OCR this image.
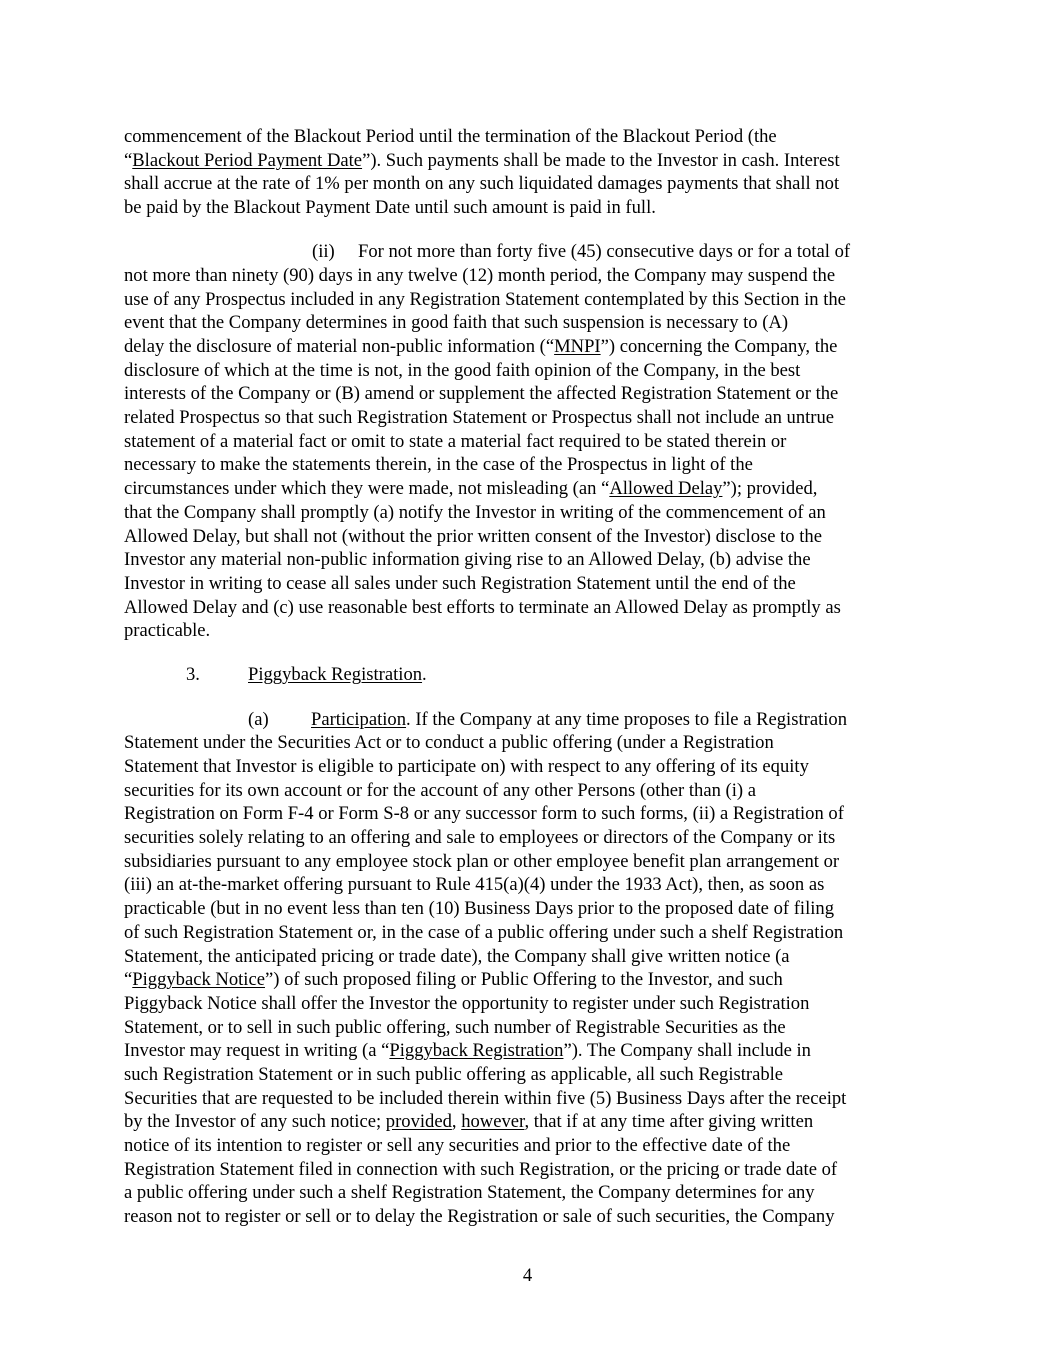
commencement of the Blackout Period until the termination of the Blackout Period (the
“Blackout Period Payment Date”). Such payments shall be made to the Investor in cash. Interest
shall accrue at the rate of 1% per month on any such liquidated damages payments that shall not
be paid by the Blackout Payment Date until such amount is paid in full.
(ii) For not more than forty five (45) consecutive days or for a total of
not more than ninety (90) days in any twelve (12) month period, the Company may suspend the
use of any Prospectus included in any Registration Statement contemplated by this Section in the
event that the Company determines in good faith that such suspension is necessary to (A)
delay the disclosure of material non-public information (“MNPI”) concerning the Company, the
disclosure of which at the time is not, in the good faith opinion of the Company, in the best
interests of the Company or (B) amend or supplement the affected Registration Statement or the
related Prospectus so that such Registration Statement or Prospectus shall not include an untrue
statement of a material fact or omit to state a material fact required to be stated therein or
necessary to make the statements therein, in the case of the Prospectus in light of the
circumstances under which they were made, not misleading (an “Allowed Delay”); provided,
that the Company shall promptly (a) notify the Investor in writing of the commencement of an
Allowed Delay, but shall not (without the prior written consent of the Investor) disclose to the
Investor any material non-public information giving rise to an Allowed Delay, (b) advise the
Investor in writing to cease all sales under such Registration Statement until the end of the
Allowed Delay and (c) use reasonable best efforts to terminate an Allowed Delay as promptly as
practicable.
3.	Piggyback Registration.
(a) Participation. If the Company at any time proposes to file a Registration
Statement under the Securities Act or to conduct a public offering (under a Registration
Statement that Investor is eligible to participate on) with respect to any offering of its equity
securities for its own account or for the account of any other Persons (other than (i) a
Registration on Form F-4 or Form S-8 or any successor form to such forms, (ii) a Registration of
securities solely relating to an offering and sale to employees or directors of the Company or its
subsidiaries pursuant to any employee stock plan or other employee benefit plan arrangement or
(iii) an at-the-market offering pursuant to Rule 415(a)(4) under the 1933 Act), then, as soon as
practicable (but in no event less than ten (10) Business Days prior to the proposed date of filing
of such Registration Statement or, in the case of a public offering under such a shelf Registration
Statement, the anticipated pricing or trade date), the Company shall give written notice (a
“Piggyback Notice”) of such proposed filing or Public Offering to the Investor, and such
Piggyback Notice shall offer the Investor the opportunity to register under such Registration
Statement, or to sell in such public offering, such number of Registrable Securities as the
Investor may request in writing (a “Piggyback Registration”). The Company shall include in
such Registration Statement or in such public offering as applicable, all such Registrable
Securities that are requested to be included therein within five (5) Business Days after the receipt
by the Investor of any such notice; provided, however, that if at any time after giving written
notice of its intention to register or sell any securities and prior to the effective date of the
Registration Statement filed in connection with such Registration, or the pricing or trade date of
a public offering under such a shelf Registration Statement, the Company determines for any
reason not to register or sell or to delay the Registration or sale of such securities, the Company
4
